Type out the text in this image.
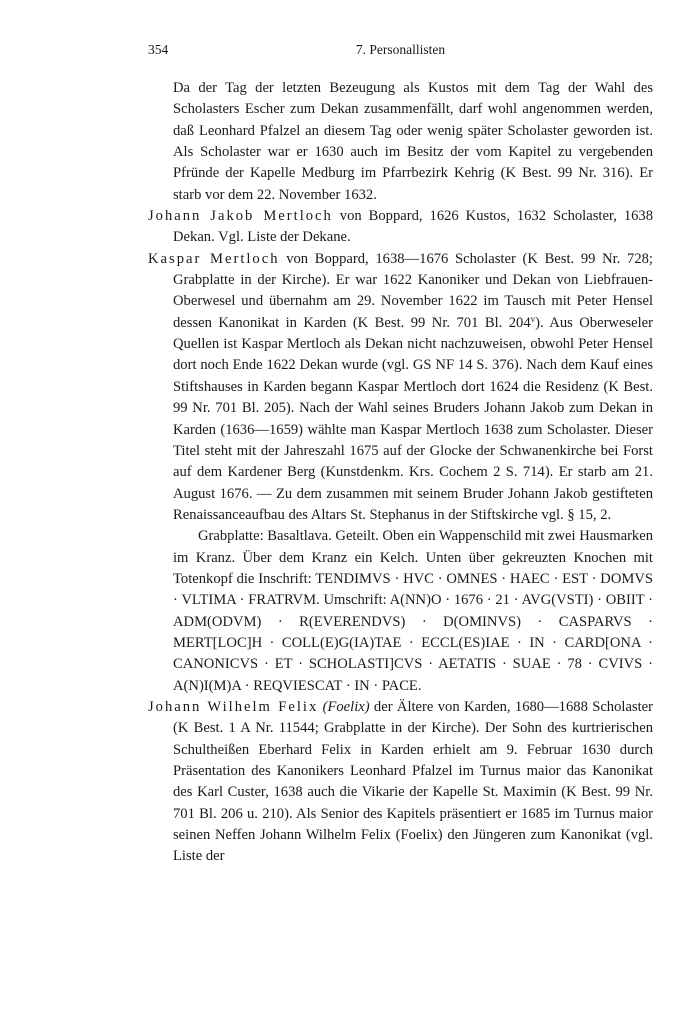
354	7. Personallisten

Da der Tag der letzten Bezeugung als Kustos mit dem Tag der Wahl des Scholasters Escher zum Dekan zusammenfällt, darf wohl angenommen werden, daß Leonhard Pfalzel an diesem Tag oder wenig später Scholaster geworden ist. Als Scholaster war er 1630 auch im Besitz der vom Kapitel zu vergebenden Pfründe der Kapelle Medburg im Pfarrbezirk Kehrig (K Best. 99 Nr. 316). Er starb vor dem 22. November 1632.

Johann Jakob Mertloch von Boppard, 1626 Kustos, 1632 Scholaster, 1638 Dekan. Vgl. Liste der Dekane.

Kaspar Mertloch von Boppard, 1638—1676 Scholaster (K Best. 99 Nr. 728; Grabplatte in der Kirche). Er war 1622 Kanoniker und Dekan von Liebfrauen-Oberwesel und übernahm am 29. November 1622 im Tausch mit Peter Hensel dessen Kanonikat in Karden (K Best. 99 Nr. 701 Bl. 204$^v$). Aus Oberweseler Quellen ist Kaspar Mertloch als Dekan nicht nachzuweisen, obwohl Peter Hensel dort noch Ende 1622 Dekan wurde (vgl. GS NF 14 S. 376). Nach dem Kauf eines Stiftshauses in Karden begann Kaspar Mertloch dort 1624 die Residenz (K Best. 99 Nr. 701 Bl. 205). Nach der Wahl seines Bruders Johann Jakob zum Dekan in Karden (1636—1659) wählte man Kaspar Mertloch 1638 zum Scholaster. Dieser Titel steht mit der Jahreszahl 1675 auf der Glocke der Schwanenkirche bei Forst auf dem Kardener Berg (Kunstdenkm. Krs. Cochem 2 S. 714). Er starb am 21. August 1676. — Zu dem zusammen mit seinem Bruder Johann Jakob gestifteten Renaissanceaufbau des Altars St. Stephanus in der Stiftskirche vgl. § 15, 2.

Grabplatte: Basaltlava. Geteilt. Oben ein Wappenschild mit zwei Hausmarken im Kranz. Über dem Kranz ein Kelch. Unten über gekreuzten Knochen mit Totenkopf die Inschrift: TENDIMVS · HVC · OMNES · HAEC · EST · DOMVS · VLTIMA · FRATRVM. Umschrift: A(NN)O · 1676 · 21 · AVG(VSTI) · OBIIT · ADM(ODVM) · R(EVERENDVS) · D(OMINVS) · CASPARVS · MERT[LOC]H · COLL(E)G(IA)TAE · ECCL(ES)IAE · IN · CARD[ONA · CANONICVS · ET · SCHOLASTI]CVS · AETATIS · SUAE · 78 · CVIVS · A(N)I(M)A · REQVIESCAT · IN · PACE.

Johann Wilhelm Felix (Foelix) der Ältere von Karden, 1680—1688 Scholaster (K Best. 1 A Nr. 11544; Grabplatte in der Kirche). Der Sohn des kurtrierischen Schultheißen Eberhard Felix in Karden erhielt am 9. Februar 1630 durch Präsentation des Kanonikers Leonhard Pfalzel im Turnus maior das Kanonikat des Karl Custer, 1638 auch die Vikarie der Kapelle St. Maximin (K Best. 99 Nr. 701 Bl. 206 u. 210). Als Senior des Kapitels präsentiert er 1685 im Turnus maior seinen Neffen Johann Wilhelm Felix (Foelix) den Jüngeren zum Kanonikat (vgl. Liste der
